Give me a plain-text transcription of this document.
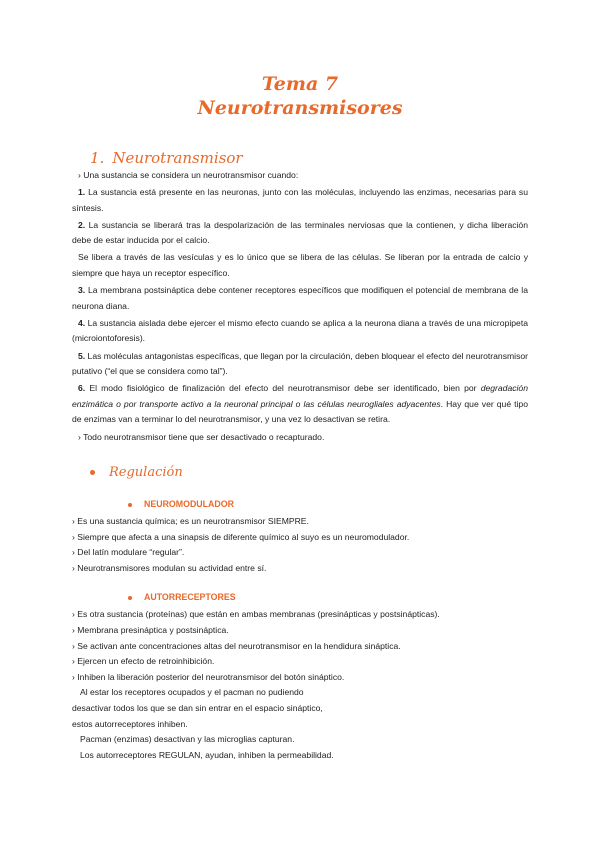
Tema 7
Neurotransmisores
1. Neurotransmisor

› Una sustancia se considera un neurotransmisor cuando:

1. La sustancia está presente en las neuronas, junto con las moléculas, incluyendo las enzimas, necesarias para su síntesis.

2. La sustancia se liberará tras la despolarización de las terminales nerviosas que la contienen, y dicha liberación debe de estar inducida por el calcio.

Se libera a través de las vesículas y es lo único que se libera de las células. Se liberan por la entrada de calcio y siempre que haya un receptor específico.

3. La membrana postsináptica debe contener receptores específicos que modifiquen el potencial de membrana de la neurona diana.

4. La sustancia aislada debe ejercer el mismo efecto cuando se aplica a la neurona diana a través de una micropipeta (microiontoforesis).

5. Las moléculas antagonistas específicas, que llegan por la circulación, deben bloquear el efecto del neurotransmisor putativo (“el que se considera como tal”).

6. El modo fisiológico de finalización del efecto del neurotransmisor debe ser identificado, bien por degradación enzimática o por transporte activo a la neuronal principal o las células neurogliales adyacentes. Hay que ver qué tipo de enzimas van a terminar lo del neurotransmisor, y una vez lo desactivan se retira.

› Todo neurotransmisor tiene que ser desactivado o recapturado.

Regulación
NEUROMODULADOR
› Es una sustancia química; es un neurotransmisor SIEMPRE.
› Siempre que afecta a una sinapsis de diferente químico al suyo es un neuromodulador.
› Del latín modulare “regular”.
› Neurotransmisores modulan su actividad entre sí.
AUTORRECEPTORES
› Es otra sustancia (proteínas) que están en ambas membranas (presinápticas y postsinápticas).
› Membrana presináptica y postsináptica.
› Se activan ante concentraciones altas del neurotransmisor en la hendidura sináptica.
› Ejercen un efecto de retroinhibición.
› Inhiben la liberación posterior del neurotransmisor del botón sináptico.
Al estar los receptores ocupados y el pacman no pudiendo
desactivar todos los que se dan sin entrar en el espacio sináptico,
estos autorreceptores inhiben.
Pacman (enzimas) desactivan y las microglias capturan.
Los autorreceptores REGULAN, ayudan, inhiben la permeabilidad.
